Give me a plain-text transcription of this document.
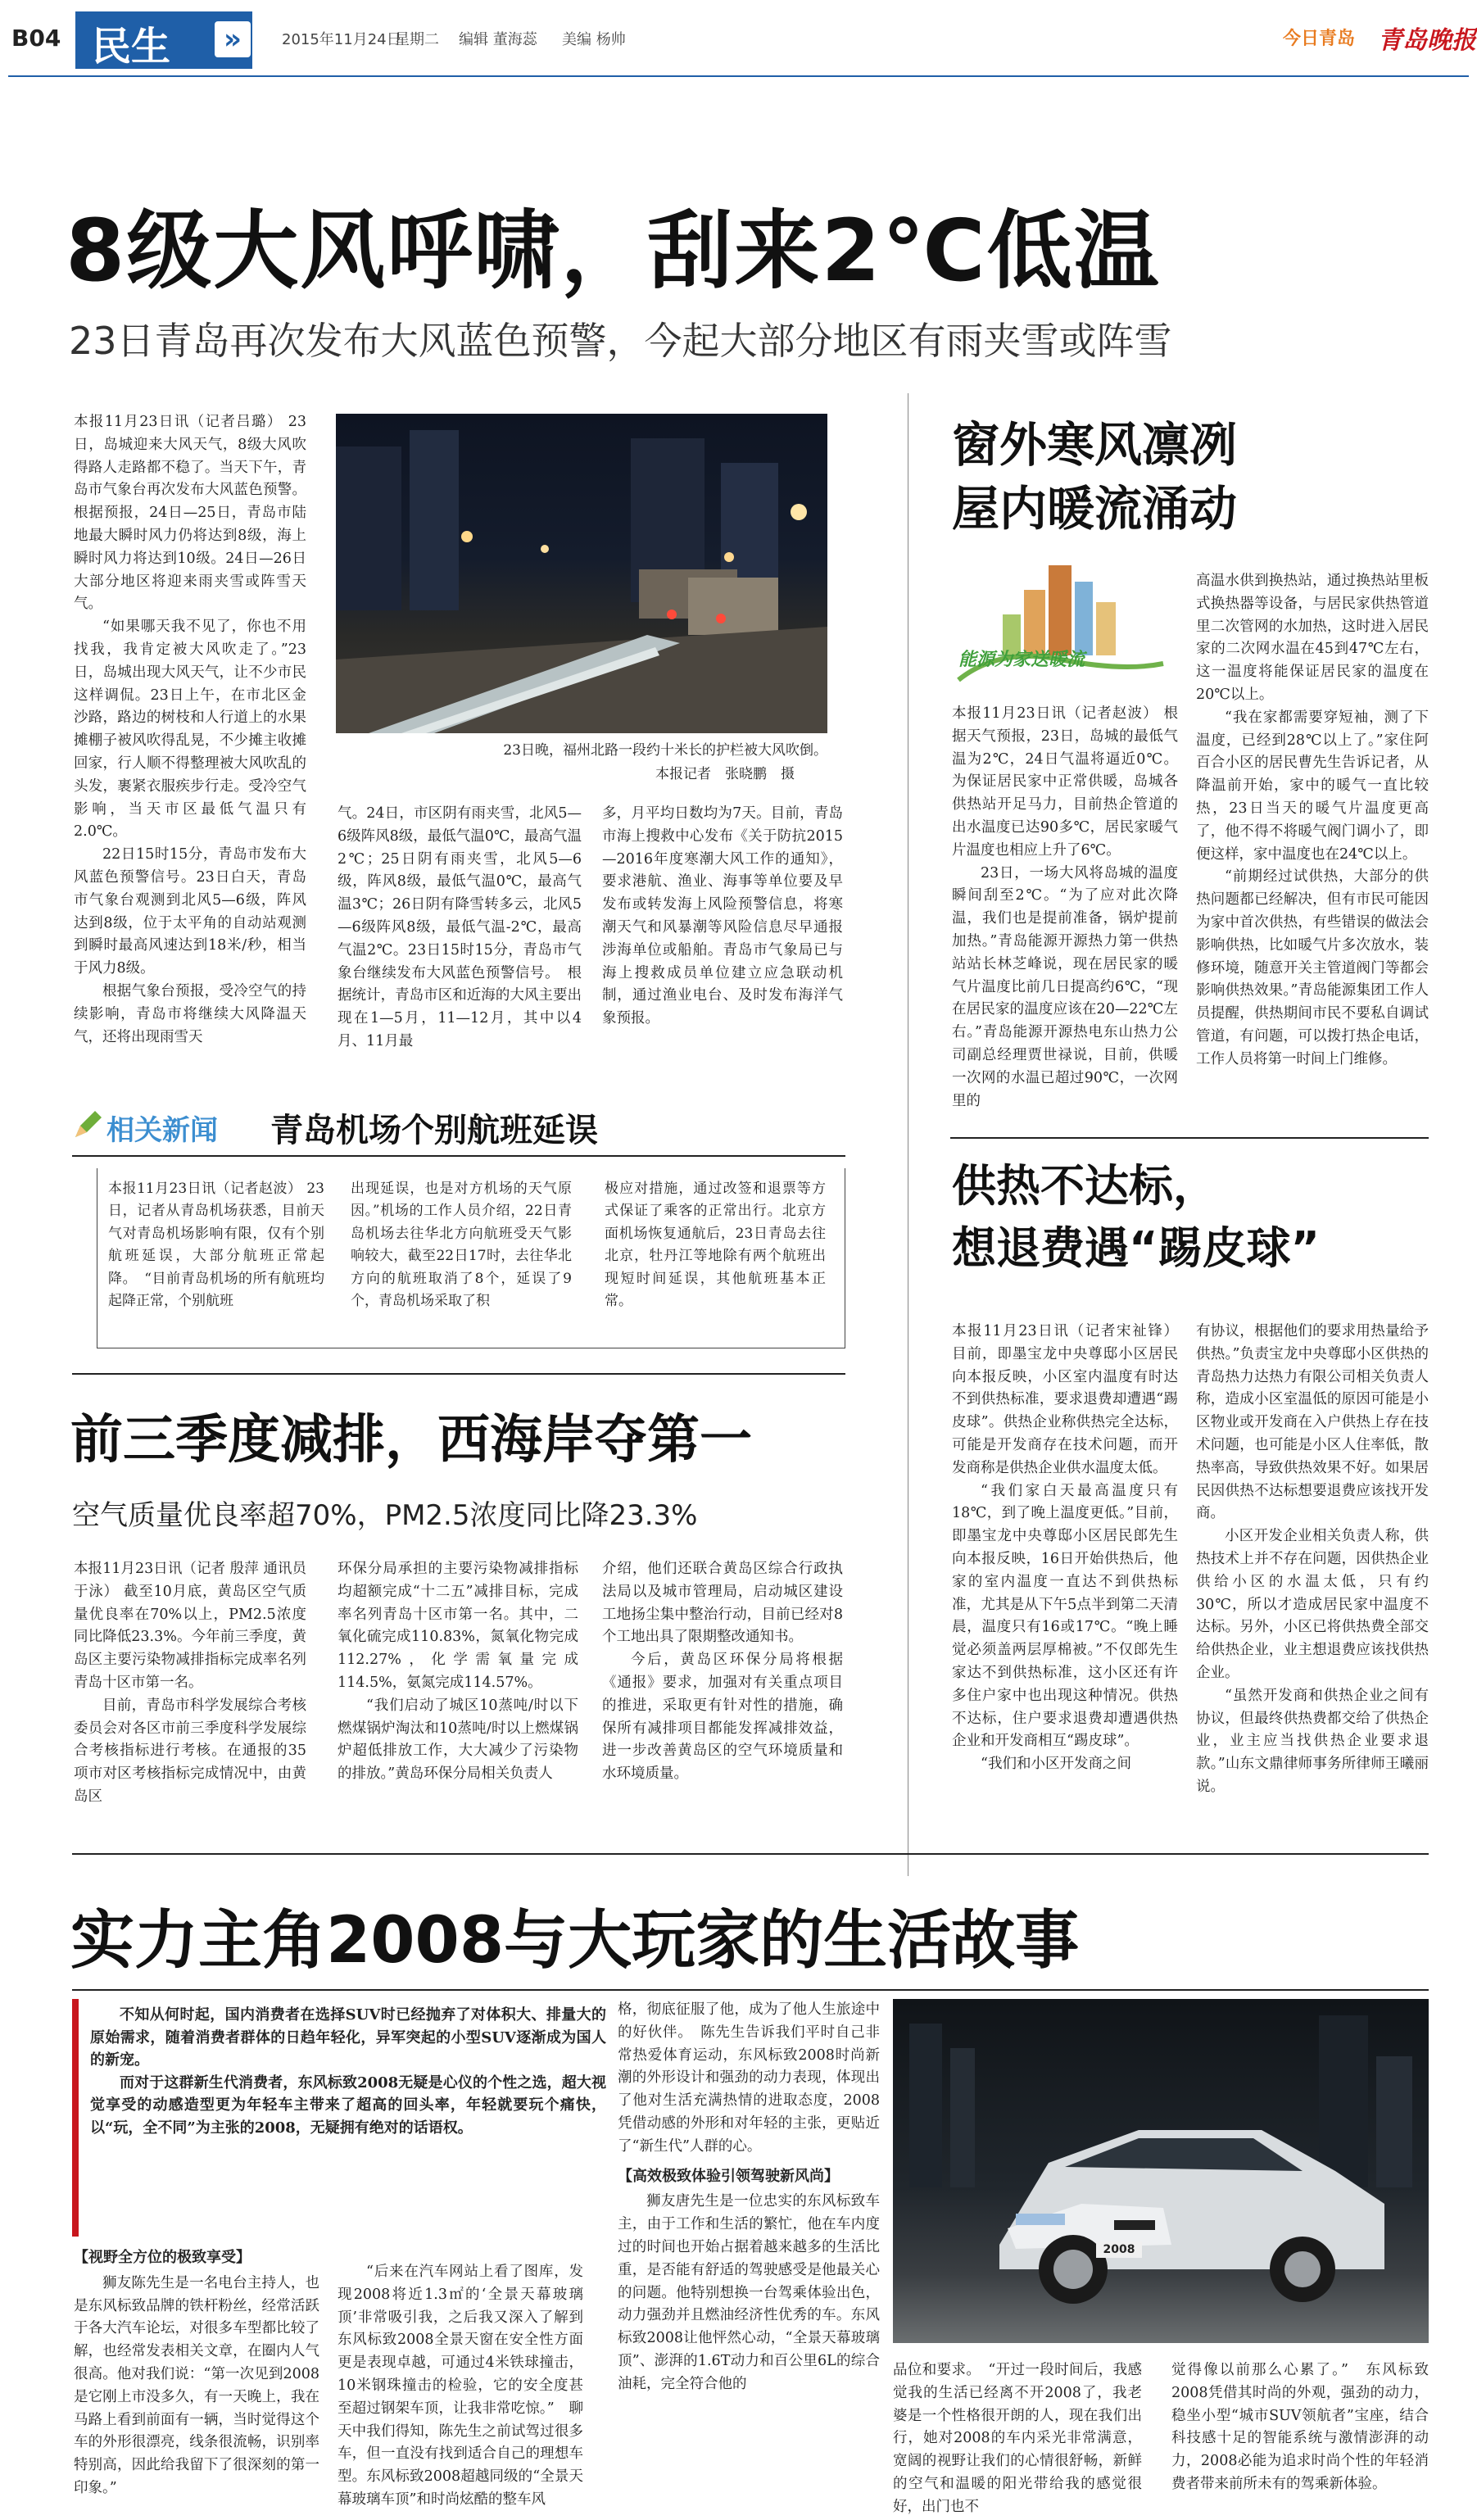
B04 民生	»	2015年11月24日
星期二 编辑 董海蕊 美编 杨帅	今日青岛 青岛晚报
8级大风呼啸，刮来2℃低温
23日青岛再次发布大风蓝色预警，今起大部分地区有雨夹雪或阵雪

本报11月23日讯（记者吕璐） 23日，岛城迎来大风天气，8级大风吹得路人走路都不稳了。当天下午，青岛市气象台再次发布大风蓝色预警。根据预报，24日—25日，青岛市陆地最大瞬时风力仍将达到8级，海上瞬时风力将达到10级。24日—26日大部分地区将迎来雨夹雪或阵雪天气。

“如果哪天我不见了，你也不用找我，我肯定被大风吹走了。”23日，岛城出现大风天气，让不少市民这样调侃。23日上午，在市北区金沙路，路边的树枝和人行道上的水果摊棚子被风吹得乱晃，不少摊主收摊回家，行人顺不得整理被大风吹乱的头发，裹紧衣服疾步行走。受冷空气影响，当天市区最低气温只有2.0℃。

22日15时15分，青岛市发布大风蓝色预警信号。23日白天，青岛市气象台观测到北风5—6级，阵风达到8级，位于太平角的自动站观测到瞬时最高风速达到18米/秒，相当于风力8级。

根据气象台预报，受冷空气的持续影响，青岛市将继续大风降温天气，还将出现雨雪天

23日晚，福州北路一段约十米长的护栏被大风吹倒。
本报记者　张晓鹏　摄

气。24日，市区阴有雨夹雪，北风5—6级阵风8级，最低气温0℃，最高气温2℃；25日阴有雨夹雪，北风5—6级，阵风8级，最低气温0℃，最高气温3℃；26日阴有降雪转多云，北风5—6级阵风8级，最低气温-2℃，最高气温2℃。23日15时15分，青岛市气象台继续发布大风蓝色预警信号。　根据统计，青岛市区和近海的大风主要出现在1—5月，11—12月，其中以4月、11月最

多，月平均日数均为7天。目前，青岛市海上搜救中心发布《关于防抗2015—2016年度寒潮大风工作的通知》，要求港航、渔业、海事等单位要及早发布或转发海上风险预警信息，将寒潮天气和风暴潮等风险信息尽早通报涉海单位或船舶。青岛市气象局已与海上搜救成员单位建立应急联动机制，通过渔业电台、及时发布海洋气象预报。

相关新闻 青岛机场个别航班延误

本报11月23日讯（记者赵波） 23日，记者从青岛机场获悉，目前天气对青岛机场影响有限，仅有个别航班延误，大部分航班正常起降。　“目前青岛机场的所有航班均起降正常，个别航班

出现延误，也是对方机场的天气原因。”机场的工作人员介绍，22日青岛机场去往华北方向航班受天气影响较大，截至22日17时，去往华北方向的航班取消了8个，延误了9个，青岛机场采取了积

极应对措施，通过改签和退票等方式保证了乘客的正常出行。北京方面机场恢复通航后，23日青岛去往北京，牡丹江等地除有两个航班出现短时间延误，其他航班基本正常。

窗外寒风凛冽
屋内暖流涌动
能源为家送暖流

本报11月23日讯（记者赵波） 根据天气预报，23日，岛城的最低气温为2℃，24日气温将逼近0℃。为保证居民家中正常供暖，岛城各供热站开足马力，目前热企管道的出水温度已达90多℃，居民家暖气片温度也相应上升了6℃。

23日，一场大风将岛城的温度瞬间刮至2℃。“为了应对此次降温，我们也是提前准备，锅炉提前加热。”青岛能源开源热力第一供热站站长林芝峰说，现在居民家的暖气片温度比前几日提高约6℃，“现在居民家的温度应该在20—22℃左右。”青岛能源开源热电东山热力公司副总经理贾世禄说，目前，供暖一次网的水温已超过90℃，一次网里的

高温水供到换热站，通过换热站里板式换热器等设备，与居民家供热管道里二次管网的水加热，这时进入居民家的二次网水温在45到47℃左右，这一温度将能保证居民家的温度在20℃以上。

“我在家都需要穿短袖，测了下温度，已经到28℃以上了。”家住阿百合小区的居民曹先生告诉记者，从降温前开始，家中的暖气一直比较热，23日当天的暖气片温度更高了，他不得不将暖气阀门调小了，即便这样，家中温度也在24℃以上。

“前期经过试供热，大部分的供热问题都已经解决，但有市民可能因为家中首次供热，有些错误的做法会影响供热，比如暖气片多次放水，装修环境，随意开关主管道阀门等都会影响供热效果。”青岛能源集团工作人员提醒，供热期间市民不要私自调试管道，有问题，可以拨打热企电话，工作人员将第一时间上门维修。

供热不达标，
想退费遇“踢皮球”

本报11月23日讯（记者宋祉锋） 目前，即墨宝龙中央尊邸小区居民向本报反映，小区室内温度有时达不到供热标准，要求退费却遭遇“踢皮球”。供热企业称供热完全达标，可能是开发商存在技术问题，而开发商称是供热企业供水温度太低。

“我们家白天最高温度只有18℃，到了晚上温度更低。”目前，即墨宝龙中央尊邸小区居民郎先生向本报反映，16日开始供热后，他家的室内温度一直达不到供热标准，尤其是从下午5点半到第二天清晨，温度只有16或17℃。“晚上睡觉必须盖两层厚棉被。”不仅郎先生家达不到供热标准，这小区还有许多住户家中也出现这种情况。供热不达标，住户要求退费却遭遇供热企业和开发商相互“踢皮球”。

“我们和小区开发商之间

有协议，根据他们的要求用热量给予供热。”负责宝龙中央尊邸小区供热的青岛热力达热力有限公司相关负责人称，造成小区室温低的原因可能是小区物业或开发商在入户供热上存在技术问题，也可能是小区人住率低，散热率高，导致供热效果不好。如果居民因供热不达标想要退费应该找开发商。

小区开发企业相关负责人称，供热技术上并不存在问题，因供热企业供给小区的水温太低，只有约30℃，所以才造成居民家中温度不达标。另外，小区已将供热费全部交给供热企业，业主想退费应该找供热企业。

“虽然开发商和供热企业之间有协议，但最终供热费都交给了供热企业，业主应当找供热企业要求退款。”山东文鼎律师事务所律师王曦丽说。

前三季度减排，西海岸夺第一
空气质量优良率超70%，PM2.5浓度同比降23.3%

本报11月23日讯（记者 殷萍 通讯员 于泳） 截至10月底，黄岛区空气质量优良率在70%以上，PM2.5浓度同比降低23.3%。今年前三季度，黄岛区主要污染物减排指标完成率名列青岛十区市第一名。

目前，青岛市科学发展综合考核委员会对各区市前三季度科学发展综合考核指标进行考核。在通报的35项市对区考核指标完成情况中，由黄岛区

环保分局承担的主要污染物减排指标均超额完成“十二五”减排目标，完成率名列青岛十区市第一名。其中，二氧化硫完成110.83%，氮氧化物完成112.27%，化学需氧量完成114.5%，氨氮完成114.57%。

“我们启动了城区10蒸吨/时以下燃煤锅炉淘汰和10蒸吨/时以上燃煤锅炉超低排放工作，大大减少了污染物的排放。”黄岛环保分局相关负责人

介绍，他们还联合黄岛区综合行政执法局以及城市管理局，启动城区建设工地扬尘集中整治行动，目前已经对8个工地出具了限期整改通知书。

今后，黄岛区环保分局将根据《通报》要求，加强对有关重点项目的推进，采取更有针对性的措施，确保所有减排项目都能发挥减排效益，进一步改善黄岛区的空气环境质量和水环境质量。

实力主角2008与大玩家的生活故事

不知从何时起，国内消费者在选择SUV时已经抛弃了对体积大、排量大的原始需求，随着消费者群体的日趋年轻化，异军突起的小型SUV逐渐成为国人的新宠。

而对于这群新生代消费者，东风标致2008无疑是心仪的个性之选，超大视觉享受的动感造型更为年轻车主带来了超高的回头率，年轻就要玩个痛快，以“玩，全不同”为主张的2008，无疑拥有绝对的话语权。

【视野全方位的极致享受】

狮友陈先生是一名电台主持人，也是东风标致品牌的铁杆粉丝，经常活跃于各大汽车论坛，对很多车型都比较了解，也经常发表相关文章，在圈内人气很高。他对我们说：“第一次见到2008是它刚上市没多久，有一天晚上，我在马路上看到前面有一辆，当时觉得这个车的外形很漂亮，线条很流畅，识别率特别高，因此给我留下了很深刻的第一印象。”

“后来在汽车网站上看了图库，发现2008将近1.3㎡的‘全景天幕玻璃顶’非常吸引我，之后我又深入了解到东风标致2008全景天窗在安全性方面更是表现卓越，可通过4米铁球撞击，10米钢珠撞击的检验，它的安全度甚至超过钢架车顶，让我非常吃惊。”　聊天中我们得知，陈先生之前试驾过很多车，但一直没有找到适合自己的理想车型。东风标致2008超越同级的“全景天幕玻璃车顶”和时尚炫酷的整车风

格，彻底征服了他，成为了他人生旅途中的好伙伴。　陈先生告诉我们平时自己非常热爱体育运动，东风标致2008时尚新潮的外形设计和强劲的动力表现，体现出了他对生活充满热情的进取态度，2008凭借动感的外形和对年轻的主张，更贴近了“新生代”人群的心。

【高效极致体验引领驾驶新风尚】

狮友唐先生是一位忠实的东风标致车主，由于工作和生活的繁忙，他在车内度过的时间也开始占据着越来越多的生活比重，是否能有舒适的驾驶感受是他最关心的问题。他特别想换一台驾乘体验出色，动力强劲并且燃油经济性优秀的车。东风标致2008让他怦然心动，“全景天幕玻璃顶”、澎湃的1.6T动力和百公里6L的综合油耗，完全符合他的

2008

品位和要求。　“开过一段时间后，我感觉我的生活已经离不开2008了，我老婆是一个性格很开朗的人，现在我们出行，她对2008的车内采光非常满意，宽阔的视野让我们的心情很舒畅，新鲜的空气和温暖的阳光带给我的感觉很好，出门也不

觉得像以前那么心累了。”　东风标致2008凭借其时尚的外观，强劲的动力，稳坐小型“城市SUV领航者”宝座，结合科技感十足的智能系统与激情澎湃的动力，2008必能为追求时尚个性的年轻消费者带来前所未有的驾乘新体验。
